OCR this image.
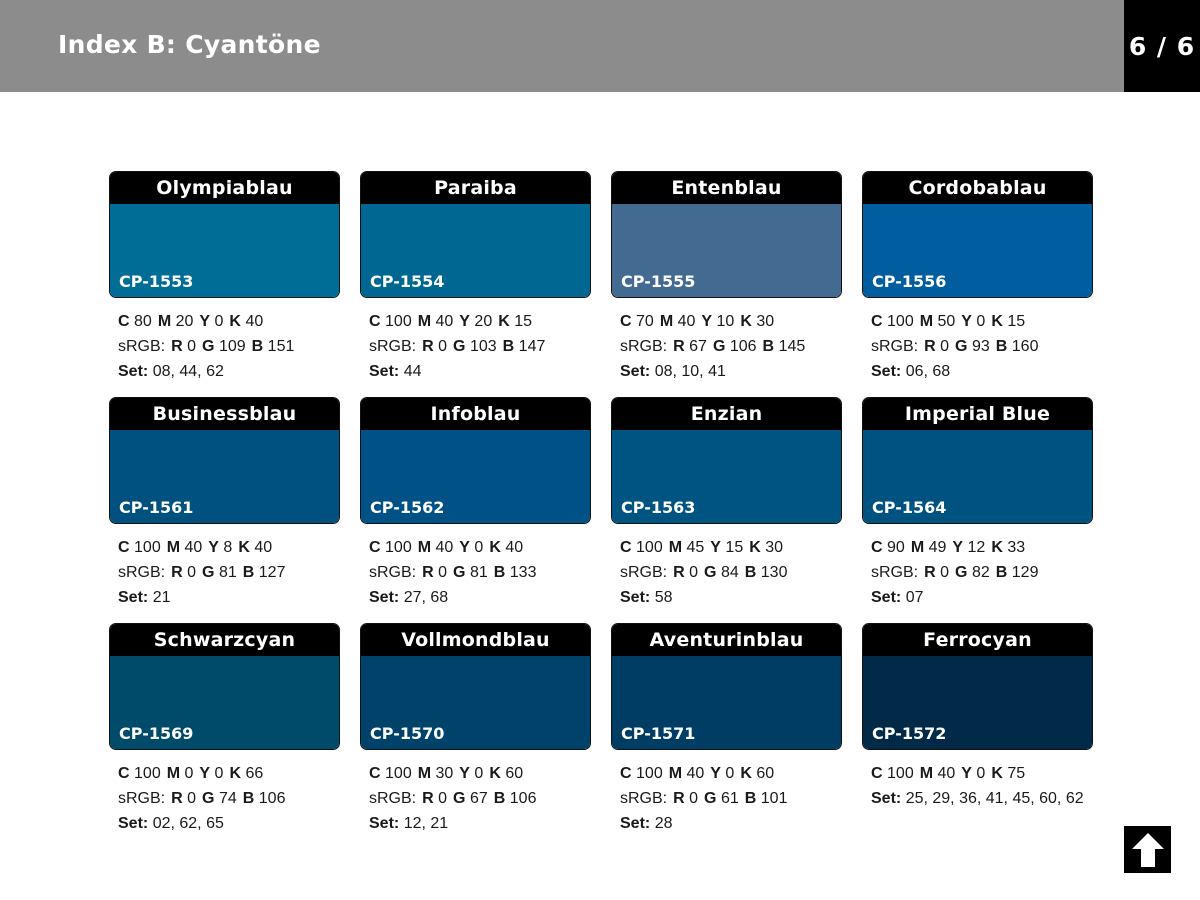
Index B: Cyantöne	6 / 6
Olympiablau
CP-1553
C 80 M 20 Y 0 K 40
sRGB: R 0 G 109 B 151
Set: 08, 44, 62
Paraiba
CP-1554
C 100 M 40 Y 20 K 15
sRGB: R 0 G 103 B 147
Set: 44
Entenblau
CP-1555
C 70 M 40 Y 10 K 30
sRGB: R 67 G 106 B 145
Set: 08, 10, 41
Cordobablau
CP-1556
C 100 M 50 Y 0 K 15
sRGB: R 0 G 93 B 160
Set: 06, 68
Businessblau
CP-1561
C 100 M 40 Y 8 K 40
sRGB: R 0 G 81 B 127
Set: 21
Infoblau
CP-1562
C 100 M 40 Y 0 K 40
sRGB: R 0 G 81 B 133
Set: 27, 68
Enzian
CP-1563
C 100 M 45 Y 15 K 30
sRGB: R 0 G 84 B 130
Set: 58
Imperial Blue
CP-1564
C 90 M 49 Y 12 K 33
sRGB: R 0 G 82 B 129
Set: 07
Schwarzcyan
CP-1569
C 100 M 0 Y 0 K 66
sRGB: R 0 G 74 B 106
Set: 02, 62, 65
Vollmondblau
CP-1570
C 100 M 30 Y 0 K 60
sRGB: R 0 G 67 B 106
Set: 12, 21
Aventurinblau
CP-1571
C 100 M 40 Y 0 K 60
sRGB: R 0 G 61 B 101
Set: 28
Ferrocyan
CP-1572
C 100 M 40 Y 0 K 75
Set: 25, 29, 36, 41, 45, 60, 62
